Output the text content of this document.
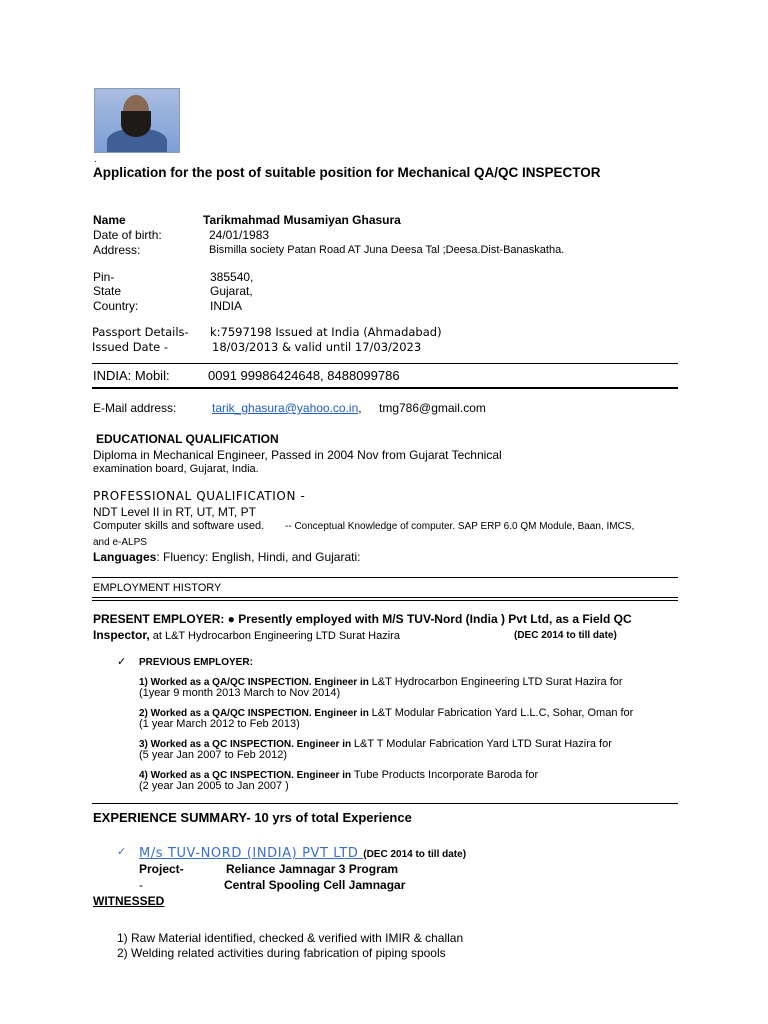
.
Application for the post of suitable position for Mechanical QA/QC INSPECTOR
Name	Tarikmahmad Musamiyan Ghasura
Date of birth:	24/01/1983
Address:	Bismilla society Patan Road AT Juna Deesa Tal ;Deesa.Dist-Banaskatha.
Pin-	385540,
State	Gujarat,
Country:	INDIA
Passport Details- k:7597198 Issued at India (Ahmadabad)
Issued Date -	18/03/2013 & valid until 17/03/2023
INDIA: Mobil:	0091 99986424648, 8488099786
E-Mail address:	tarik_ghasura@yahoo.co.in, tmg786@gmail.com
EDUCATIONAL QUALIFICATION
Diploma in Mechanical Engineer, Passed in 2004 Nov from Gujarat Technical
examination board, Gujarat, India.
PROFESSIONAL QUALIFICATION -
NDT Level II in RT, UT, MT, PT
Computer skills and software used. -- Conceptual Knowledge of computer. SAP ERP 6.0 QM Module, Baan, IMCS,
and e-ALPS
Languages: Fluency: English, Hindi, and Gujarati:
EMPLOYMENT HISTORY
PRESENT EMPLOYER: ● Presently employed with M/S TUV-Nord (India ) Pvt Ltd, as a Field QC
Inspector, at L&T Hydrocarbon Engineering LTD Surat Hazira	(DEC 2014 to till date)
✓ PREVIOUS EMPLOYER:
1) Worked as a QA/QC INSPECTION. Engineer in L&T Hydrocarbon Engineering LTD Surat Hazira for
(1year 9 month 2013 March to Nov 2014)
2) Worked as a QA/QC INSPECTION. Engineer in L&T Modular Fabrication Yard L.L.C, Sohar, Oman for
(1 year March 2012 to Feb 2013)
3) Worked as a QC INSPECTION. Engineer in L&T T Modular Fabrication Yard LTD Surat Hazira for
(5 year Jan 2007 to Feb 2012)
4) Worked as a QC INSPECTION. Engineer in Tube Products Incorporate Baroda for
(2 year Jan 2005 to Jan 2007 )
EXPERIENCE SUMMARY- 10 yrs of total Experience
✓ M/s TUV-NORD (INDIA) PVT LTD (DEC 2014 to till date)
Project-	Reliance Jamnagar 3 Program
-	Central Spooling Cell Jamnagar
WITNESSED
1) Raw Material identified, checked & verified with IMIR & challan
2) Welding related activities during fabrication of piping spools
